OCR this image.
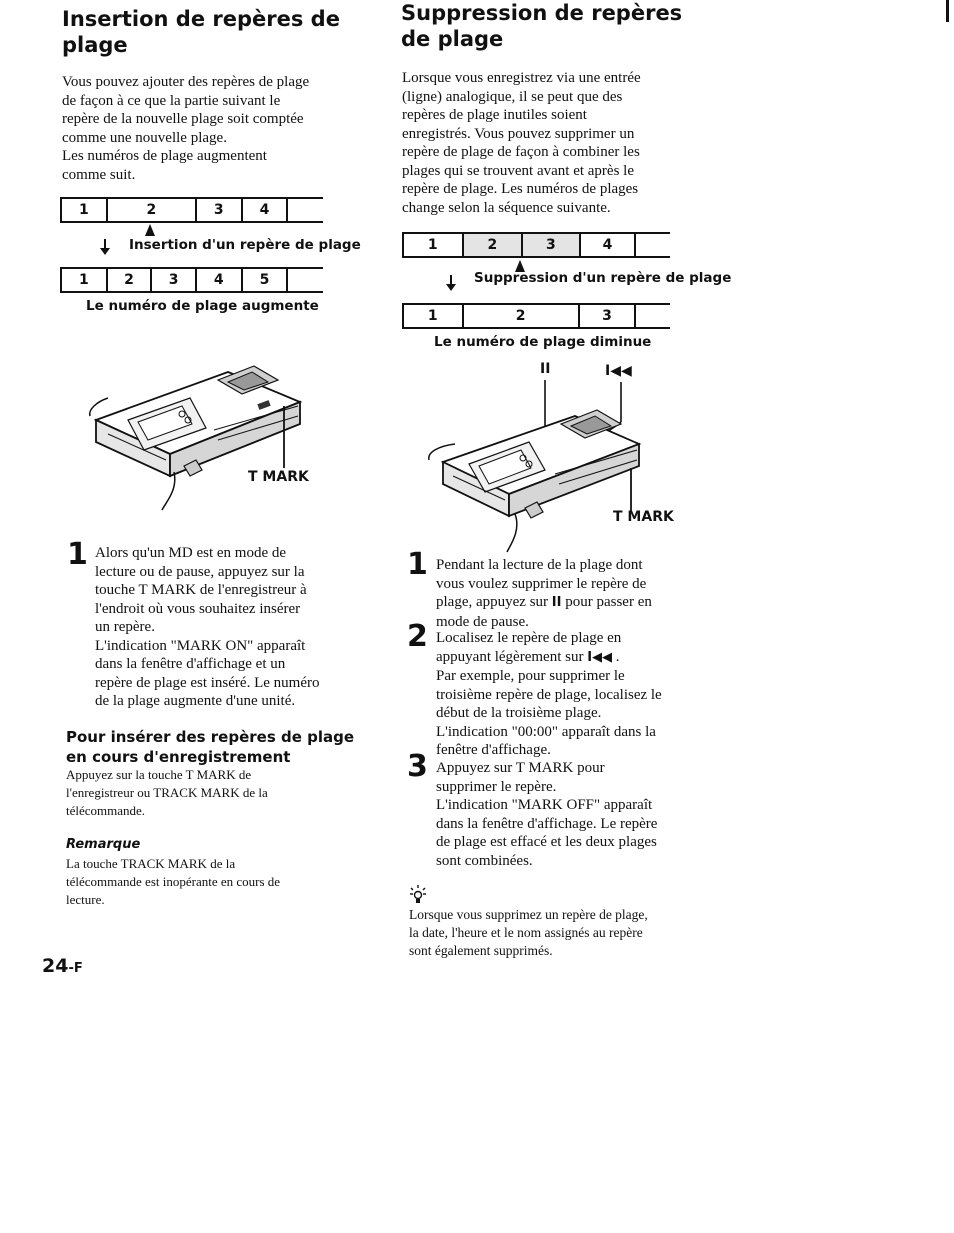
Insertion de repères de
plage
Vous pouvez ajouter des repères de plage
de façon à ce que la partie suivant le
repère de la nouvelle plage soit comptée
comme une nouvelle plage.
Les numéros de plage augmentent
comme suit.
1	2	3	4
Insertion d'un repère de plage
1	2	3	4	5
Le numéro de plage augmente
T MARK
1 Alors qu'un MD est en mode de
lecture ou de pause, appuyez sur la
touche T MARK de l'enregistreur à
l'endroit où vous souhaitez insérer
un repère.
L'indication "MARK ON" apparaît
dans la fenêtre d'affichage et un
repère de plage est inséré. Le numéro
de la plage augmente d'une unité.
Pour insérer des repères de plage
en cours d'enregistrement
Appuyez sur la touche T MARK de
l'enregistreur ou TRACK MARK de la
télécommande.
Remarque
La touche TRACK MARK de la
télécommande est inopérante en cours de
lecture.
24-F
Suppression de repères
de plage
Lorsque vous enregistrez via une entrée
(ligne) analogique, il se peut que des
repères de plage inutiles soient
enregistrés. Vous pouvez supprimer un
repère de plage de façon à combiner les
plages qui se trouvent avant et après le
repère de plage. Les numéros de plages
change selon la séquence suivante.
1	2	3	4
Suppression d'un repère de plage
1	2	3
Le numéro de plage diminue
II	I◀◀
T MARK
1 Pendant la lecture de la plage dont
vous voulez supprimer le repère de
plage, appuyez sur II pour passer en
mode de pause.
2 Localisez le repère de plage en
appuyant légèrement sur I◀◀ .
Par exemple, pour supprimer le
troisième repère de plage, localisez le
début de la troisième plage.
L'indication "00:00" apparaît dans la
fenêtre d'affichage.
3 Appuyez sur T MARK pour
supprimer le repère.
L'indication "MARK OFF" apparaît
dans la fenêtre d'affichage. Le repère
de plage est effacé et les deux plages
sont combinées.
Lorsque vous supprimez un repère de plage,
la date, l'heure et le nom assignés au repère
sont également supprimés.
